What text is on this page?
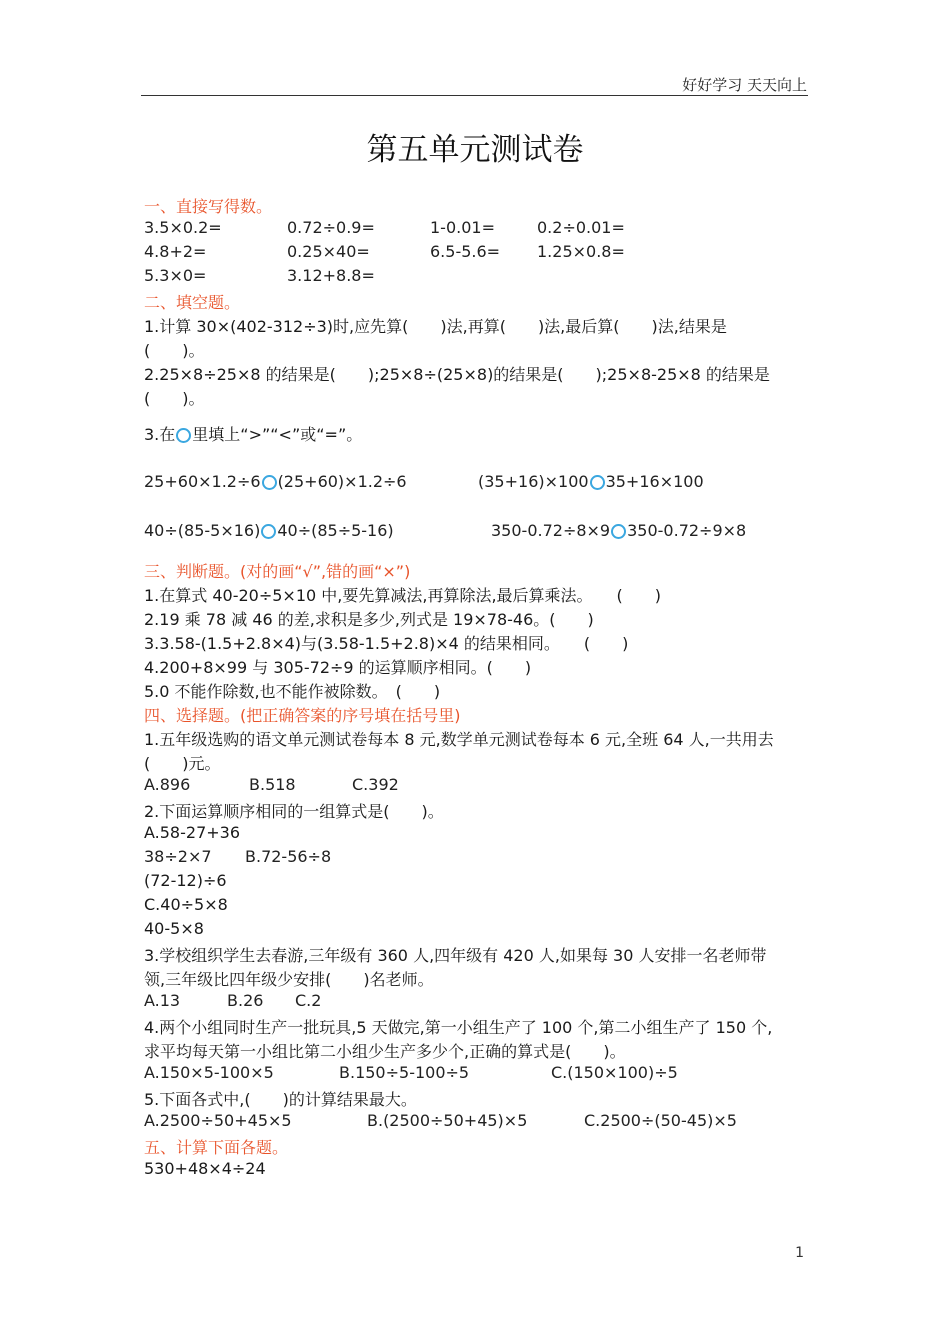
好好学习 天天向上
第五单元测试卷
一、直接写得数。
3.5×0.2=	0.72÷0.9=	1-0.01=	0.2÷0.01=
4.8+2=	0.25×40=	6.5-5.6= 1.25×0.8=
5.3×0=	3.12+8.8=
二、填空题。
1.计算 30×(402-312÷3)时,应先算(　　)法,再算(　　)法,最后算(　　)法,结果是
(　　)。
2.25×8÷25×8 的结果是(　　);25×8÷(25×8)的结果是(　　);25×8-25×8 的结果是
(　　)。
3.在 里填上“>”“<”或“=”。
25+60×1.2÷6 (25+60)×1.2÷6	(35+16)×100 35+16×100
40÷(85-5×16) 40÷(85÷5-16)	350-0.72÷8×9 350-0.72÷9×8
三、判断题。(对的画“√”,错的画“×”)
1.在算式 40-20÷5×10 中,要先算减法,再算除法,最后算乘法。　　(　　)
2.19 乘 78 减 46 的差,求积是多少,列式是 19×78-46。(　　)
3.3.58-(1.5+2.8×4)与(3.58-1.5+2.8)×4 的结果相同。　　(　　)
4.200+8×99 与 305-72÷9 的运算顺序相同。(　　)
5.0 不能作除数,也不能作被除数。　(　　)
四、选择题。(把正确答案的序号填在括号里)
1.五年级选购的语文单元测试卷每本 8 元,数学单元测试卷每本 6 元,全班 64 人,一共用去
(　　)元。
A.896	B.518	C.392
2.下面运算顺序相同的一组算式是(　　)。
A.58-27+36
38÷2×7 B.72-56÷8
(72-12)÷6
C.40÷5×8
40-5×8
3.学校组织学生去春游,三年级有 360 人,四年级有 420 人,如果每 30 人安排一名老师带
领,三年级比四年级少安排(　　)名老师。
A.13	B.26 C.2
4.两个小组同时生产一批玩具,5 天做完,第一小组生产了 100 个,第二小组生产了 150 个,
求平均每天第一小组比第二小组少生产多少个,正确的算式是(　　)。
A.150×5-100×5	B.150÷5-100÷5	C.(150×100)÷5
5.下面各式中,(　　)的计算结果最大。
A.2500÷50+45×5	B.(2500÷50+45)×5	C.2500÷(50-45)×5
五、计算下面各题。
530+48×4÷24
1
